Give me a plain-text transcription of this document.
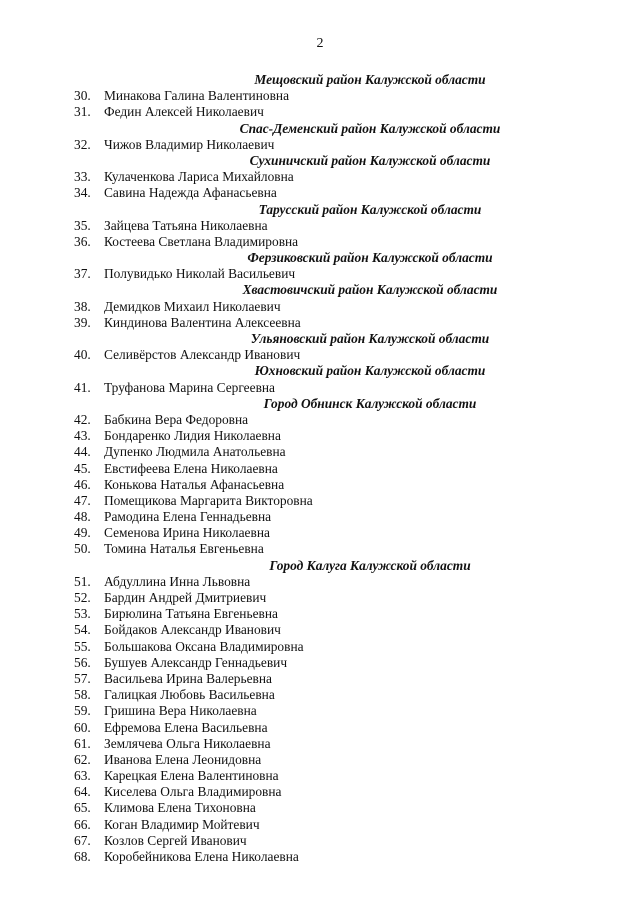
2
Мещовский район Калужской области
30. Минакова Галина Валентиновна
31. Федин Алексей Николаевич
Спас-Деменский район Калужской области
32. Чижов Владимир Николаевич
Сухиничский район Калужской области
33. Кулаченкова Лариса Михайловна
34. Савина Надежда Афанасьевна
Тарусский район Калужской области
35. Зайцева Татьяна Николаевна
36. Костеева Светлана Владимировна
Ферзиковский район Калужской области
37. Полувидько Николай Васильевич
Хвастовичский район Калужской области
38. Демидков Михаил Николаевич
39. Киндинова Валентина Алексеевна
Ульяновский район Калужской области
40. Селивёрстов Александр Иванович
Юхновский район Калужской области
41. Труфанова Марина Сергеевна
Город Обнинск Калужской области
42. Бабкина Вера Федоровна
43. Бондаренко Лидия Николаевна
44. Дупенко Людмила Анатольевна
45. Евстифеева Елена Николаевна
46. Конькова Наталья Афанасьевна
47. Помещикова Маргарита Викторовна
48. Рамодина Елена Геннадьевна
49. Семенова Ирина Николаевна
50. Томина Наталья Евгеньевна
Город Калуга Калужской области
51. Абдуллина Инна Львовна
52. Бардин Андрей Дмитриевич
53. Бирюлина Татьяна Евгеньевна
54. Бойдаков Александр Иванович
55. Большакова Оксана Владимировна
56. Бушуев Александр Геннадьевич
57. Васильева Ирина Валерьевна
58. Галицкая Любовь Васильевна
59. Гришина Вера Николаевна
60. Ефремова Елена Васильевна
61. Землячева Ольга Николаевна
62. Иванова Елена Леонидовна
63. Карецкая Елена Валентиновна
64. Киселева Ольга Владимировна
65. Климова Елена Тихоновна
66. Коган Владимир Мойтевич
67. Козлов Сергей Иванович
68. Коробейникова Елена Николаевна
